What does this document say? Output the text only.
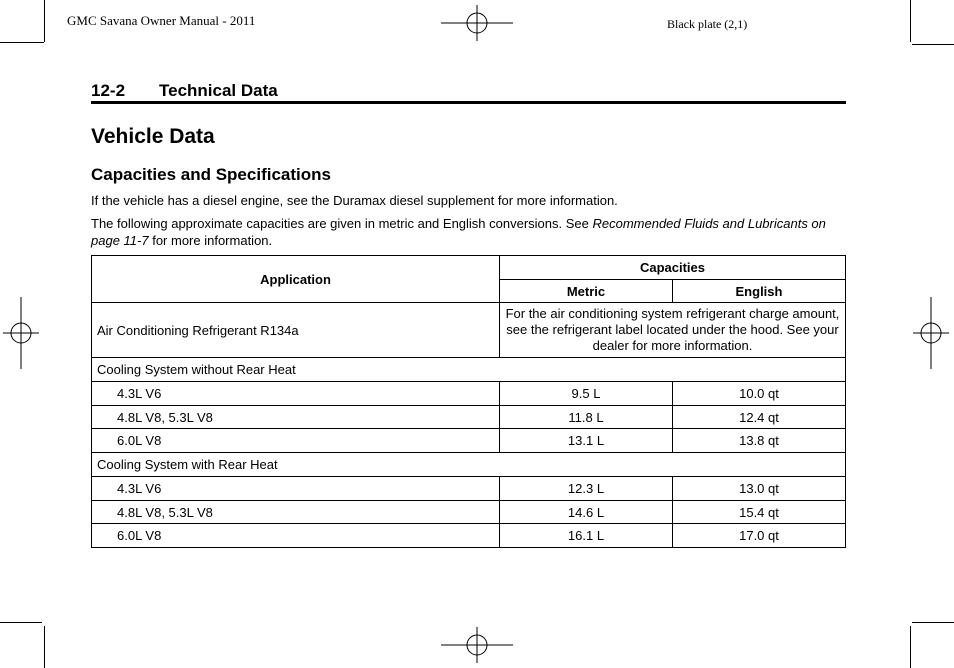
GMC Savana Owner Manual - 2011	Black plate (2,1)
12-2 Technical Data
Vehicle Data
Capacities and Specifications
If the vehicle has a diesel engine, see the Duramax diesel supplement for more information.
The following approximate capacities are given in metric and English conversions. See Recommended Fluids and Lubricants on page 11-7 for more information.
Application	Capacities	
	Metric	English
Air Conditioning Refrigerant R134a	For the air conditioning system refrigerant charge amount, see the refrigerant label located under the hood. See your dealer for more information.	
Cooling System without Rear Heat		
4.3L V6	9.5 L	10.0 qt
4.8L V8, 5.3L V8	11.8 L	12.4 qt
6.0L V8	13.1 L	13.8 qt
Cooling System with Rear Heat		
4.3L V6	12.3 L	13.0 qt
4.8L V8, 5.3L V8	14.6 L	15.4 qt
6.0L V8	16.1 L	17.0 qt
